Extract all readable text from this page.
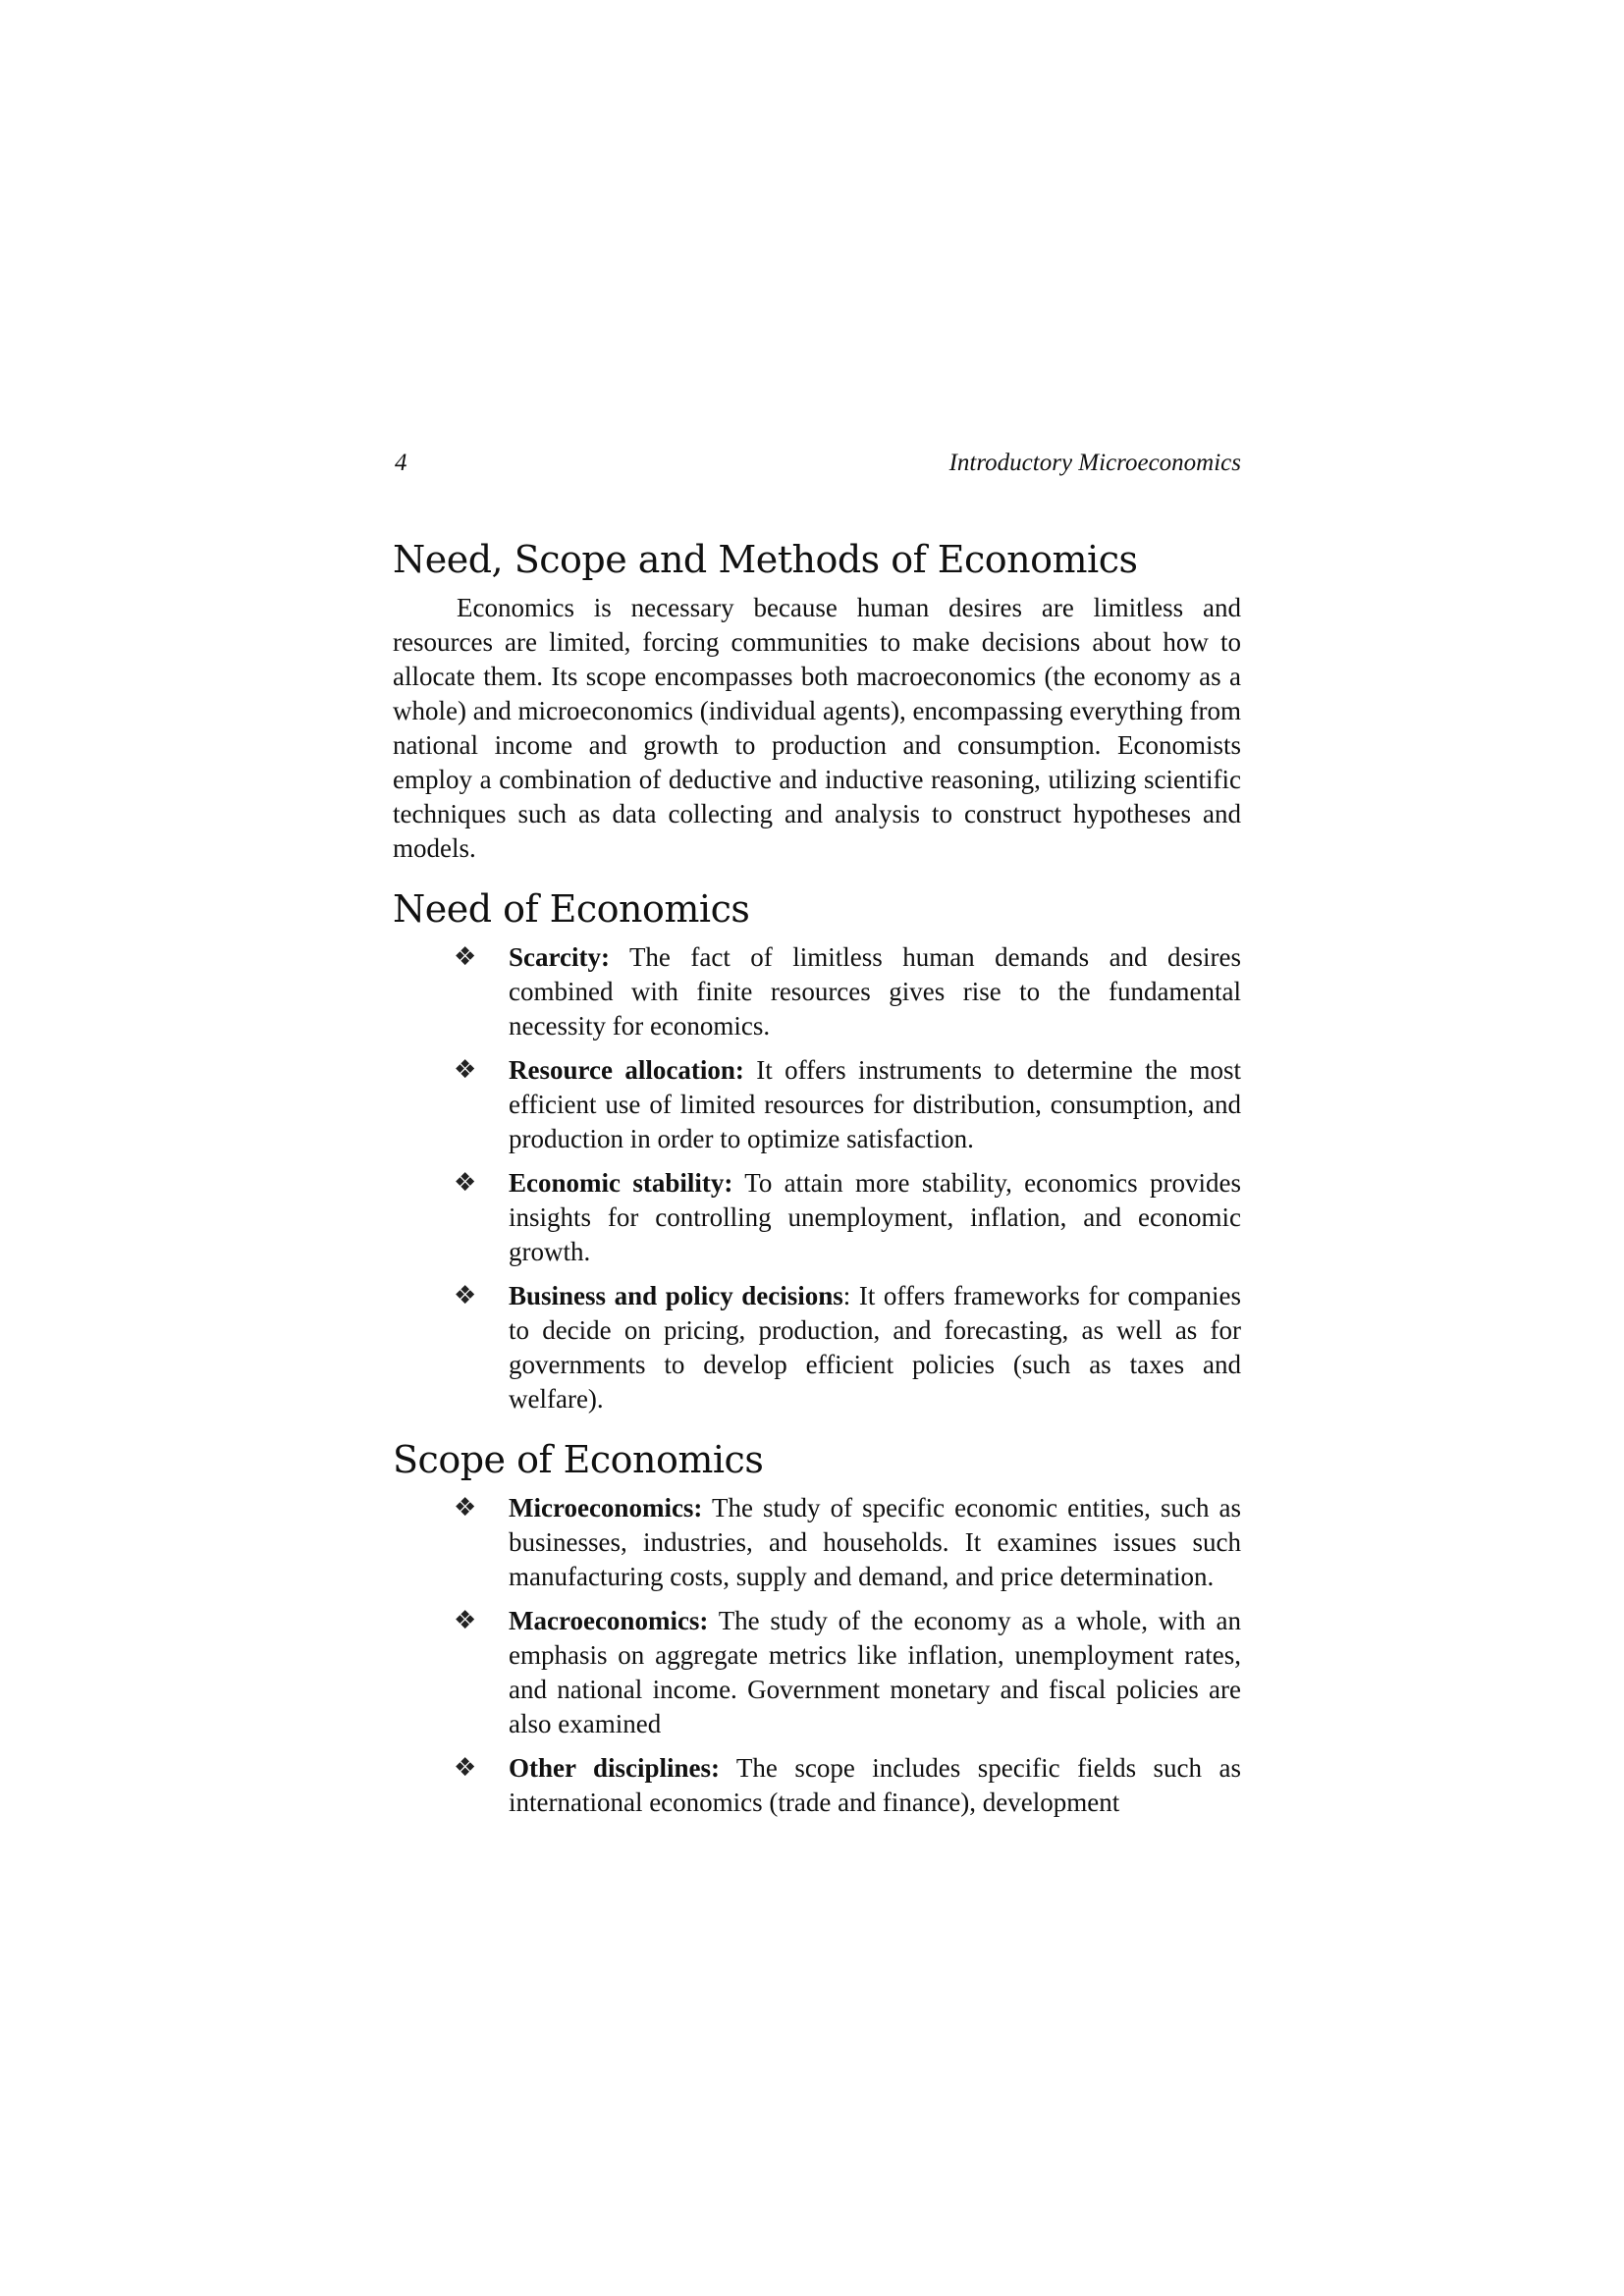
4	Introductory Microeconomics
Need, Scope and Methods of Economics

Economics is necessary because human desires are limitless and resources are limited, forcing communities to make decisions about how to allocate them. Its scope encompasses both macroeconomics (the economy as a whole) and microeconomics (individual agents), encompassing everything from national income and growth to production and consumption. Economists employ a combination of deductive and inductive reasoning, utilizing scientific techniques such as data collecting and analysis to construct hypotheses and models.

Need of Economics
❖ Scarcity: The fact of limitless human demands and desires combined with finite resources gives rise to the fundamental necessity for economics.
❖ Resource allocation: It offers instruments to determine the most efficient use of limited resources for distribution, consumption, and production in order to optimize satisfaction.
❖ Economic stability: To attain more stability, economics provides insights for controlling unemployment, inflation, and economic growth.
❖ Business and policy decisions: It offers frameworks for companies to decide on pricing, production, and forecasting, as well as for governments to develop efficient policies (such as taxes and welfare).
Scope of Economics
❖ Microeconomics: The study of specific economic entities, such as businesses, industries, and households. It examines issues such manufacturing costs, supply and demand, and price determination.
❖ Macroeconomics: The study of the economy as a whole, with an emphasis on aggregate metrics like inflation, unemployment rates, and national income. Government monetary and fiscal policies are also examined
❖ Other disciplines: The scope includes specific fields such as international economics (trade and finance), development
